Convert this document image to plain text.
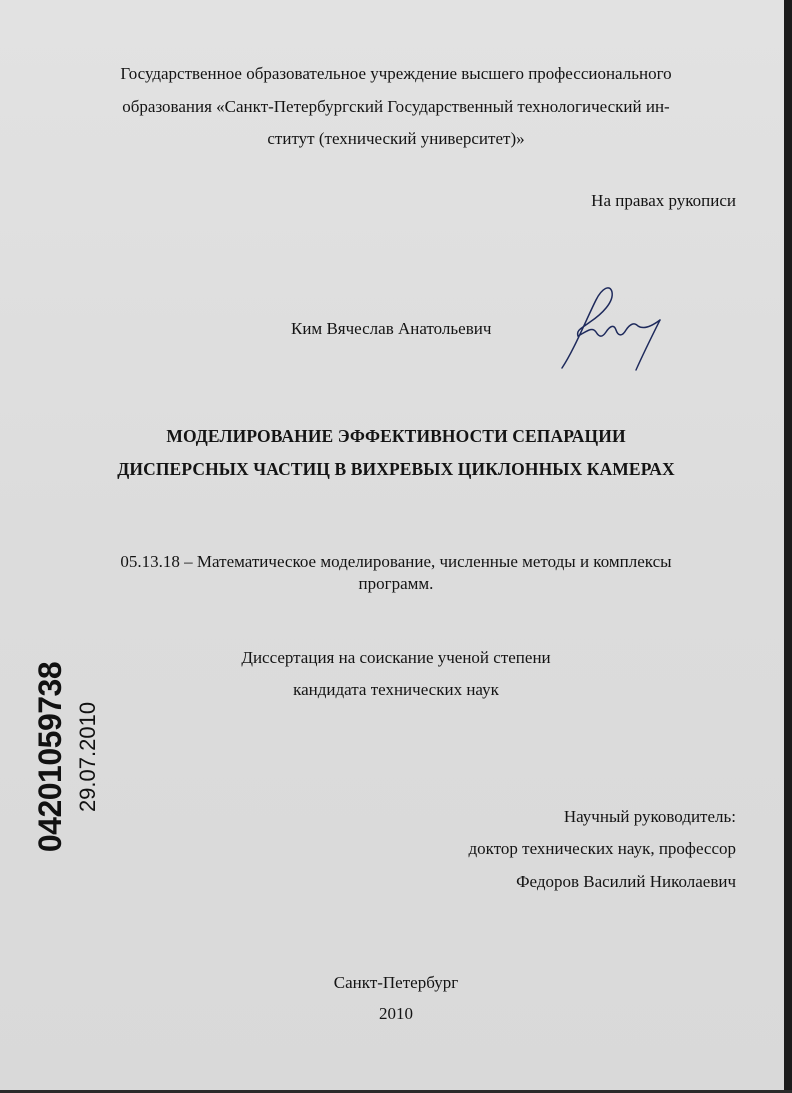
Государственное образовательное учреждение высшего профессионального
образования «Санкт-Петербургский Государственный технологический ин-
ститут (технический университет)»
На правах рукописи
Ким Вячеслав Анатольевич
МОДЕЛИРОВАНИЕ ЭФФЕКТИВНОСТИ СЕПАРАЦИИ
ДИСПЕРСНЫХ ЧАСТИЦ В ВИХРЕВЫХ ЦИКЛОННЫХ КАМЕРАХ
05.13.18 – Математическое моделирование, численные методы и комплексы
программ.
Диссертация на соискание ученой степени
кандидата технических наук
Научный руководитель:
доктор технических наук, профессор
Федоров Василий Николаевич
Санкт-Петербург
2010
04201059738 29.07.2010
